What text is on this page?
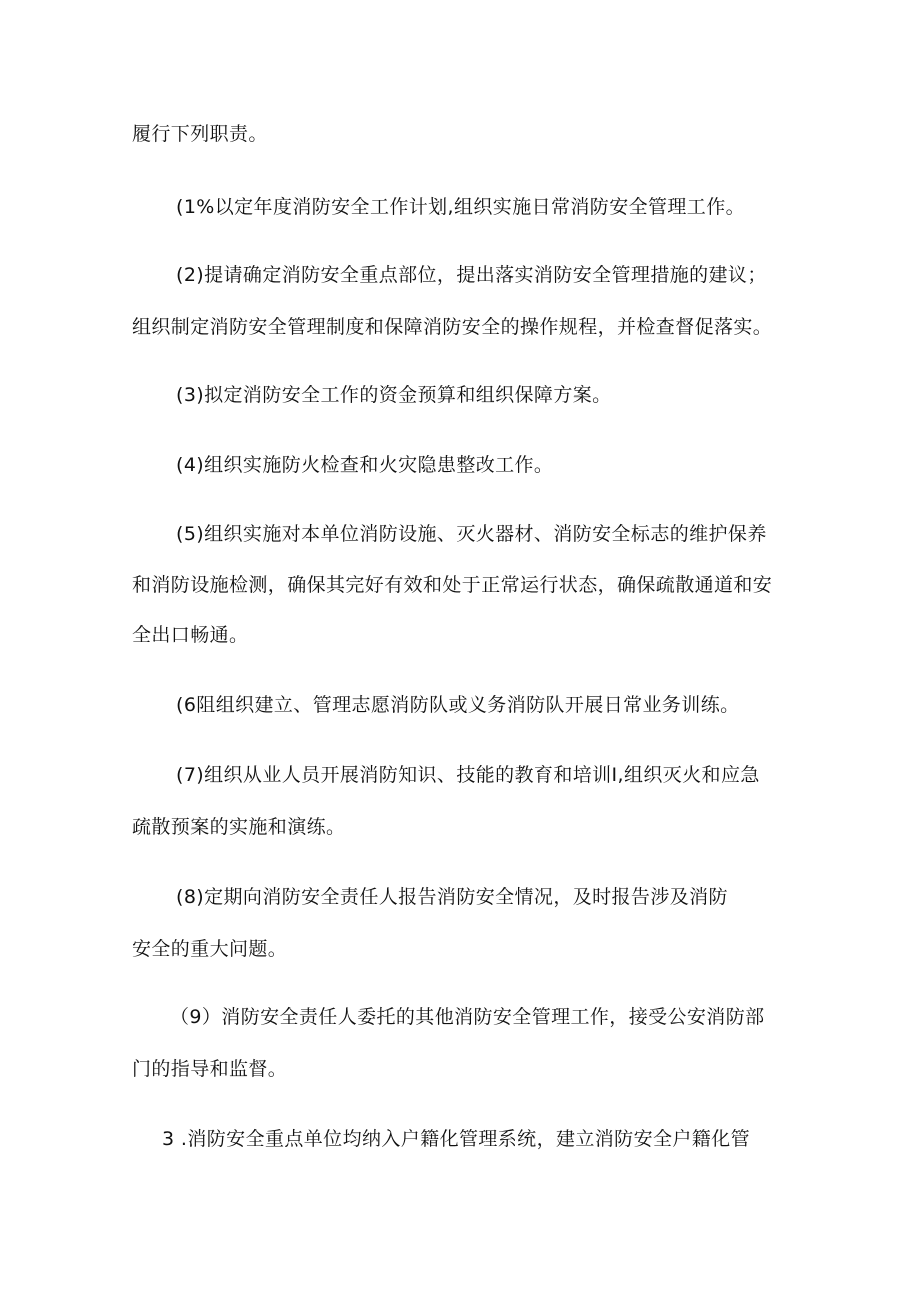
履行下列职责。
(1%以定年度消防安全工作计划,组织实施日常消防安全管理工作。
(2)提请确定消防安全重点部位，提出落实消防安全管理措施的建议；
组织制定消防安全管理制度和保障消防安全的操作规程，并检查督促落实。
(3)拟定消防安全工作的资金预算和组织保障方案。
(4)组织实施防火检查和火灾隐患整改工作。
(5)组织实施对本单位消防设施、灭火器材、消防安全标志的维护保养
和消防设施检测，确保其完好有效和处于正常运行状态，确保疏散通道和安
全出口畅通。
(6阻组织建立、管理志愿消防队或义务消防队开展日常业务训练。
(7)组织从业人员开展消防知识、技能的教育和培训Ⅰ,组织灭火和应急
疏散预案的实施和演练。
(8)定期向消防安全责任人报告消防安全情况，及时报告涉及消防
安全的重大问题。
（9）消防安全责任人委托的其他消防安全管理工作，接受公安消防部
门的指导和监督。
3 .消防安全重点单位均纳入户籍化管理系统，建立消防安全户籍化管
